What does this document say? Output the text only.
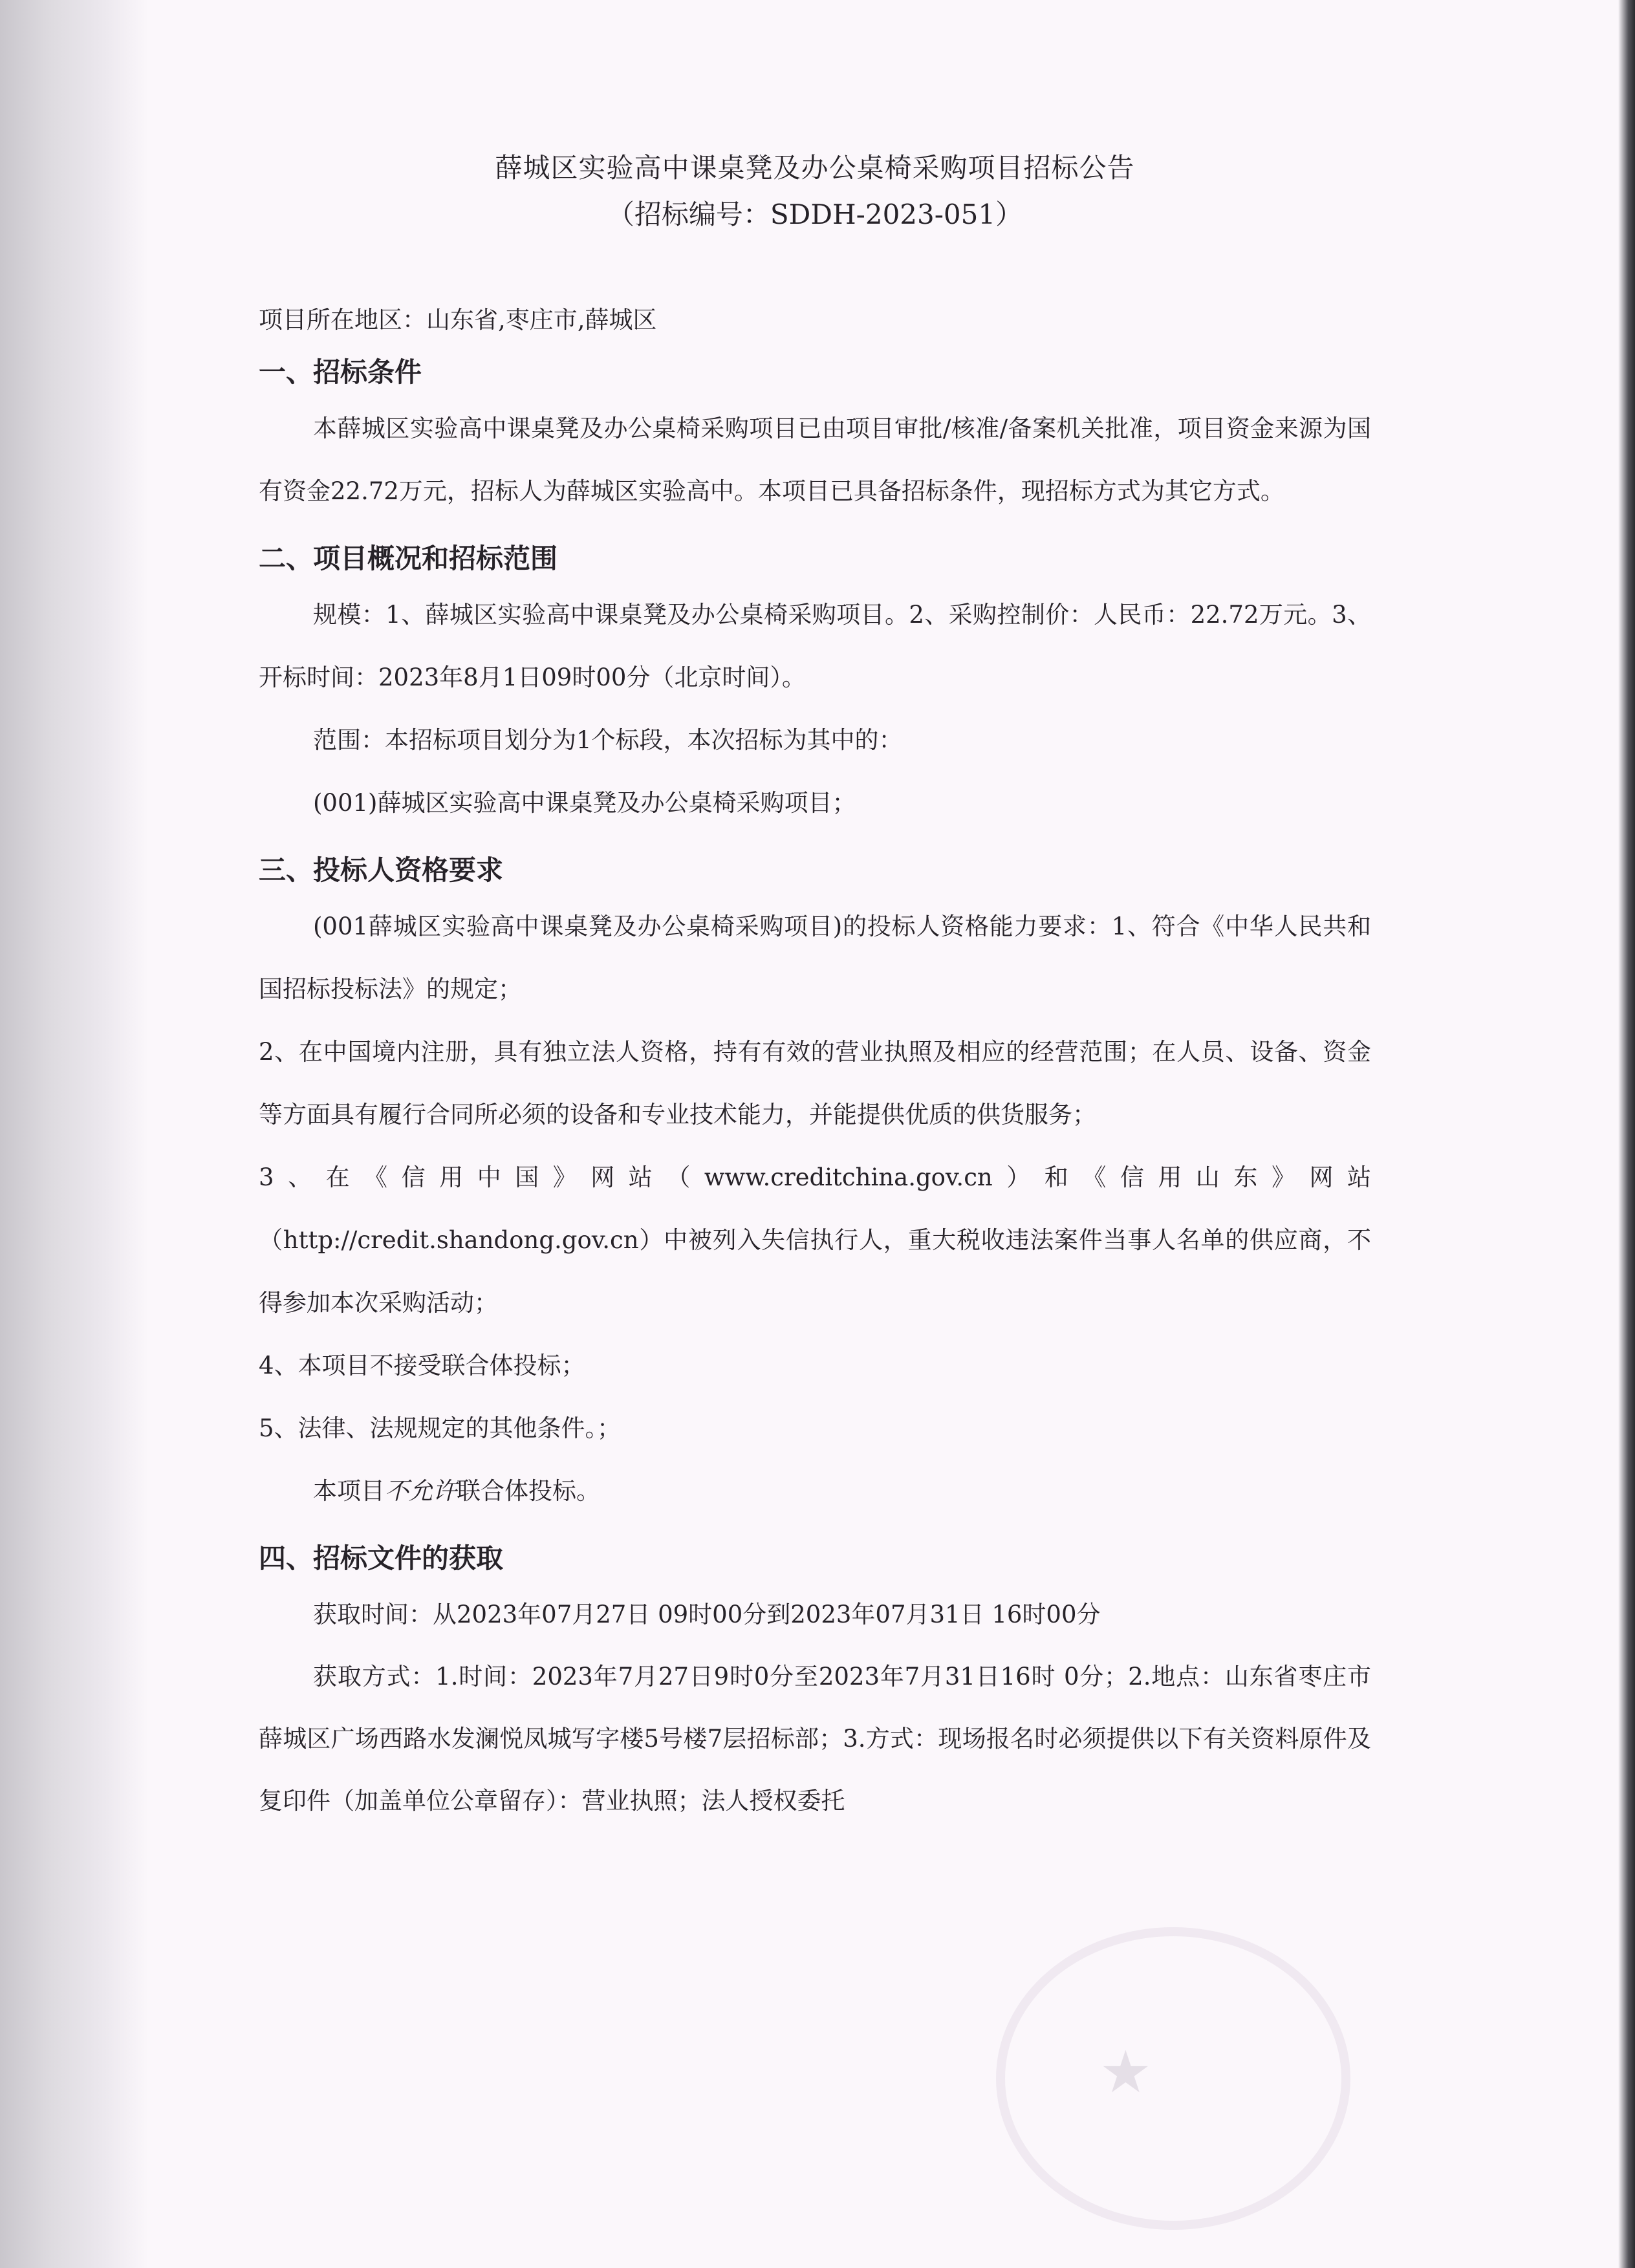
★
薛城区实验高中课桌凳及办公桌椅采购项目招标公告

（招标编号：SDDH-2023-051）

项目所在地区：山东省,枣庄市,薛城区

一、招标条件

本薛城区实验高中课桌凳及办公桌椅采购项目已由项目审批/核准/备案机关批准，项目资金来源为国有资金22.72万元，招标人为薛城区实验高中。本项目已具备招标条件，现招标方式为其它方式。

二、项目概况和招标范围

规模：1、薛城区实验高中课桌凳及办公桌椅采购项目。2、采购控制价：人民币：22.72万元。3、开标时间：2023年8月1日09时00分（北京时间）。

范围：本招标项目划分为1个标段，本次招标为其中的：

(001)薛城区实验高中课桌凳及办公桌椅采购项目；

三、投标人资格要求

(001薛城区实验高中课桌凳及办公桌椅采购项目)的投标人资格能力要求：1、符合《中华人民共和国招标投标法》的规定；

2、在中国境内注册，具有独立法人资格，持有有效的营业执照及相应的经营范围；在人员、设备、资金等方面具有履行合同所必须的设备和专业技术能力，并能提供优质的供货服务；

3、在《信用中国》网站（www.creditchina.gov.cn）和《信用山东》网站（http://credit.shandong.gov.cn）中被列入失信执行人，重大税收违法案件当事人名单的供应商，不得参加本次采购活动；

4、本项目不接受联合体投标；

5、法律、法规规定的其他条件。；

本项目不允许联合体投标。

四、招标文件的获取

获取时间：从2023年07月27日 09时00分到2023年07月31日 16时00分

获取方式：1.时间：2023年7月27日9时0分至2023年7月31日16时 0分；2.地点：山东省枣庄市薛城区广场西路水发澜悦凤城写字楼5号楼7层招标部；3.方式：现场报名时必须提供以下有关资料原件及复印件（加盖单位公章留存）：营业执照；法人授权委托
